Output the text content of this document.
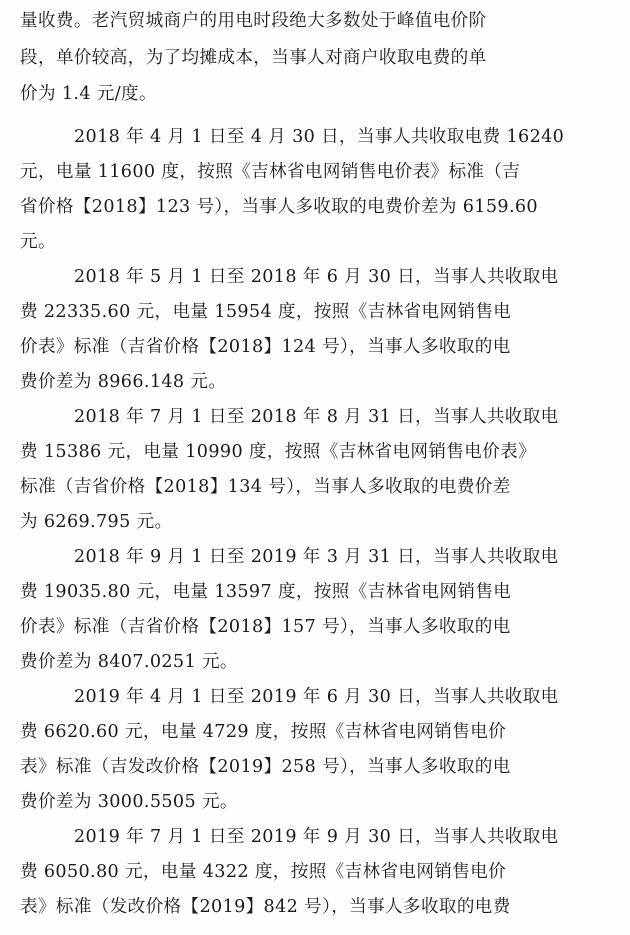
量收费。老汽贸城商户的用电时段绝大多数处于峰值电价阶
段，单价较高，为了均摊成本，当事人对商户收取电费的单
价为 1.4 元/度。
2018 年 4 月 1 日至 4 月 30 日，当事人共收取电费 16240
元，电量 11600 度，按照《吉林省电网销售电价表》标准（吉
省价格【2018】123 号），当事人多收取的电费价差为 6159.60
元。
2018 年 5 月 1 日至 2018 年 6 月 30 日，当事人共收取电
费 22335.60 元，电量 15954 度，按照《吉林省电网销售电
价表》标准（吉省价格【2018】124 号），当事人多收取的电
费价差为 8966.148 元。
2018 年 7 月 1 日至 2018 年 8 月 31 日，当事人共收取电
费 15386 元，电量 10990 度，按照《吉林省电网销售电价表》
标准（吉省价格【2018】134 号），当事人多收取的电费价差
为 6269.795 元。
2018 年 9 月 1 日至 2019 年 3 月 31 日，当事人共收取电
费 19035.80 元，电量 13597 度，按照《吉林省电网销售电
价表》标准（吉省价格【2018】157 号），当事人多收取的电
费价差为 8407.0251 元。
2019 年 4 月 1 日至 2019 年 6 月 30 日，当事人共收取电
费 6620.60 元，电量 4729 度，按照《吉林省电网销售电价
表》标准（吉发改价格【2019】258 号），当事人多收取的电
费价差为 3000.5505 元。
2019 年 7 月 1 日至 2019 年 9 月 30 日，当事人共收取电
费 6050.80 元，电量 4322 度，按照《吉林省电网销售电价
表》标准（发改价格【2019】842 号），当事人多收取的电费
